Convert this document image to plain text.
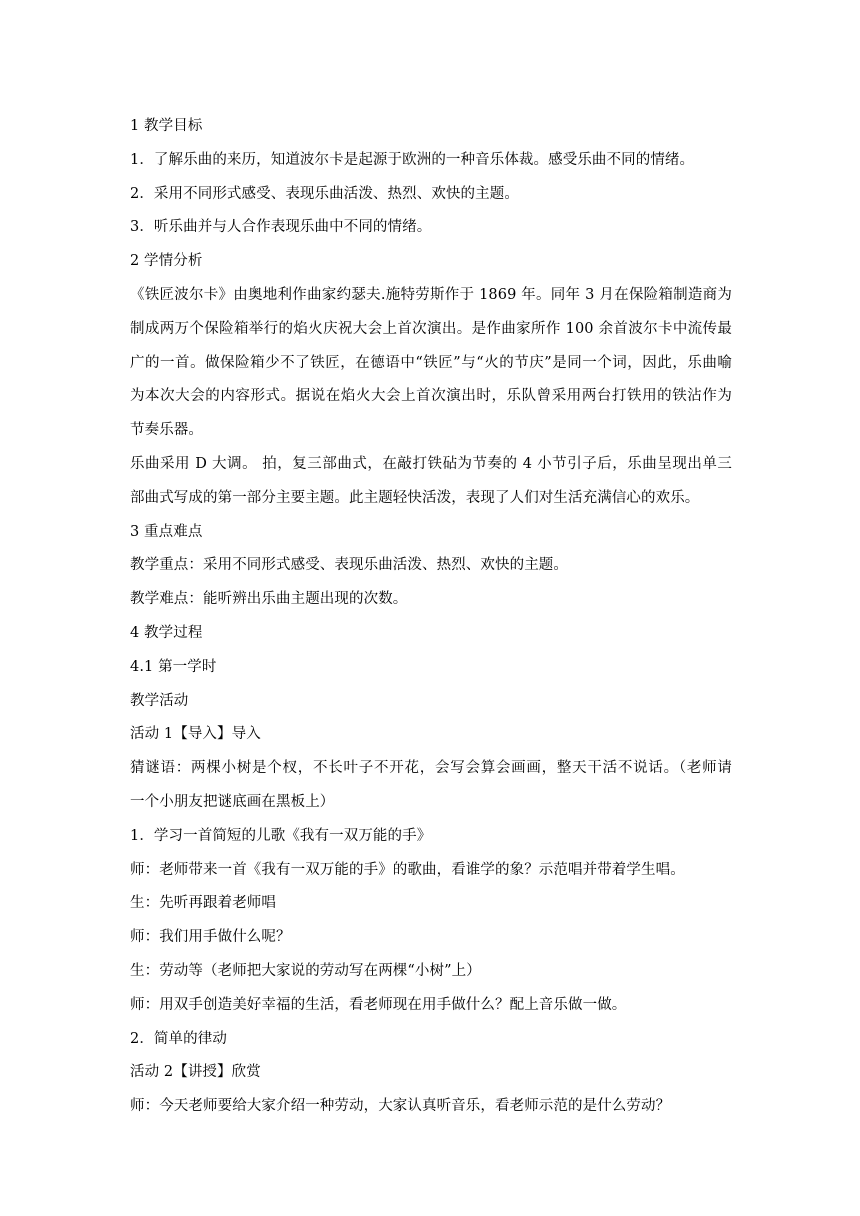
1 教学目标
1．了解乐曲的来历，知道波尔卡是起源于欧洲的一种音乐体裁。感受乐曲不同的情绪。
2．采用不同形式感受、表现乐曲活泼、热烈、欢快的主题。
3．听乐曲并与人合作表现乐曲中不同的情绪。
2 学情分析
《铁匠波尔卡》由奥地利作曲家约瑟夫.施特劳斯作于 1869 年。同年 3 月在保险箱制造商为
制成两万个保险箱举行的焰火庆祝大会上首次演出。是作曲家所作 100 余首波尔卡中流传最
广的一首。做保险箱少不了铁匠，在德语中“铁匠”与“火的节庆”是同一个词，因此，乐曲喻
为本次大会的内容形式。据说在焰火大会上首次演出时，乐队曾采用两台打铁用的铁沾作为
节奏乐器。
乐曲采用 D 大调。 拍，复三部曲式，在敲打铁砧为节奏的 4 小节引子后，乐曲呈现出单三
部曲式写成的第一部分主要主题。此主题轻快活泼，表现了人们对生活充满信心的欢乐。
3 重点难点
教学重点：采用不同形式感受、表现乐曲活泼、热烈、欢快的主题。
教学难点：能听辨出乐曲主题出现的次数。
4 教学过程
4.1 第一学时
教学活动
活动 1【导入】导入
猜谜语：两棵小树是个杈，不长叶子不开花，会写会算会画画，整天干活不说话。（老师请
一个小朋友把谜底画在黑板上）
1．学习一首简短的儿歌《我有一双万能的手》
师：老师带来一首《我有一双万能的手》的歌曲，看谁学的象？示范唱并带着学生唱。
生：先听再跟着老师唱
师：我们用手做什么呢？
生：劳动等（老师把大家说的劳动写在两棵“小树”上）
师：用双手创造美好幸福的生活，看老师现在用手做什么？配上音乐做一做。
2．简单的律动
活动 2【讲授】欣赏
师：今天老师要给大家介绍一种劳动，大家认真听音乐，看老师示范的是什么劳动？
